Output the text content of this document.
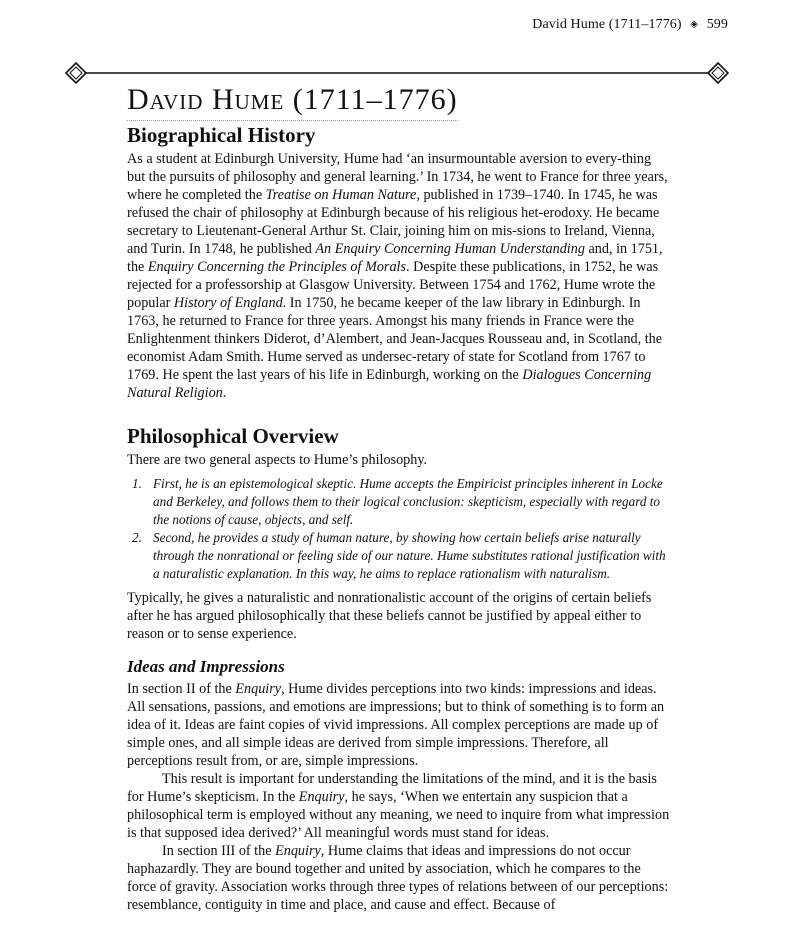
David Hume (1711–1776) ◈ 599
David Hume (1711–1776)
Biographical History

As a student at Edinburgh University, Hume had ‘an insurmountable aversion to every-thing but the pursuits of philosophy and general learning.’ In 1734, he went to France for three years, where he completed the Treatise on Human Nature, published in 1739–1740. In 1745, he was refused the chair of philosophy at Edinburgh because of his religious het-erodoxy. He became secretary to Lieutenant-General Arthur St. Clair, joining him on mis-sions to Ireland, Vienna, and Turin. In 1748, he published An Enquiry Concerning Human Understanding and, in 1751, the Enquiry Concerning the Principles of Morals. Despite these publications, in 1752, he was rejected for a professorship at Glasgow University. Between 1754 and 1762, Hume wrote the popular History of England. In 1750, he became keeper of the law library in Edinburgh. In 1763, he returned to France for three years. Amongst his many friends in France were the Enlightenment thinkers Diderot, d’Alembert, and Jean-Jacques Rousseau and, in Scotland, the economist Adam Smith. Hume served as undersec-retary of state for Scotland from 1767 to 1769. He spent the last years of his life in Edinburgh, working on the Dialogues Concerning Natural Religion.

Philosophical Overview

There are two general aspects to Hume’s philosophy.

1. First, he is an epistemological skeptic. Hume accepts the Empiricist principles inherent in Locke and Berkeley, and follows them to their logical conclusion: skepticism, especially with regard to the notions of cause, objects, and self.
2. Second, he provides a study of human nature, by showing how certain beliefs arise naturally through the nonrational or feeling side of our nature. Hume substitutes rational justification with a naturalistic explanation. In this way, he aims to replace rationalism with naturalism.

Typically, he gives a naturalistic and nonrationalistic account of the origins of certain beliefs after he has argued philosophically that these beliefs cannot be justified by appeal either to reason or to sense experience.

Ideas and Impressions

In section II of the Enquiry, Hume divides perceptions into two kinds: impressions and ideas. All sensations, passions, and emotions are impressions; but to think of something is to form an idea of it. Ideas are faint copies of vivid impressions. All complex perceptions are made up of simple ones, and all simple ideas are derived from simple impressions. Therefore, all perceptions result from, or are, simple impressions.

This result is important for understanding the limitations of the mind, and it is the basis for Hume’s skepticism. In the Enquiry, he says, ‘When we entertain any suspicion that a philosophical term is employed without any meaning, we need to inquire from what impression is that supposed idea derived?’ All meaningful words must stand for ideas.

In section III of the Enquiry, Hume claims that ideas and impressions do not occur haphazardly. They are bound together and united by association, which he compares to the force of gravity. Association works through three types of relations between of our perceptions: resemblance, contiguity in time and place, and cause and effect. Because of
